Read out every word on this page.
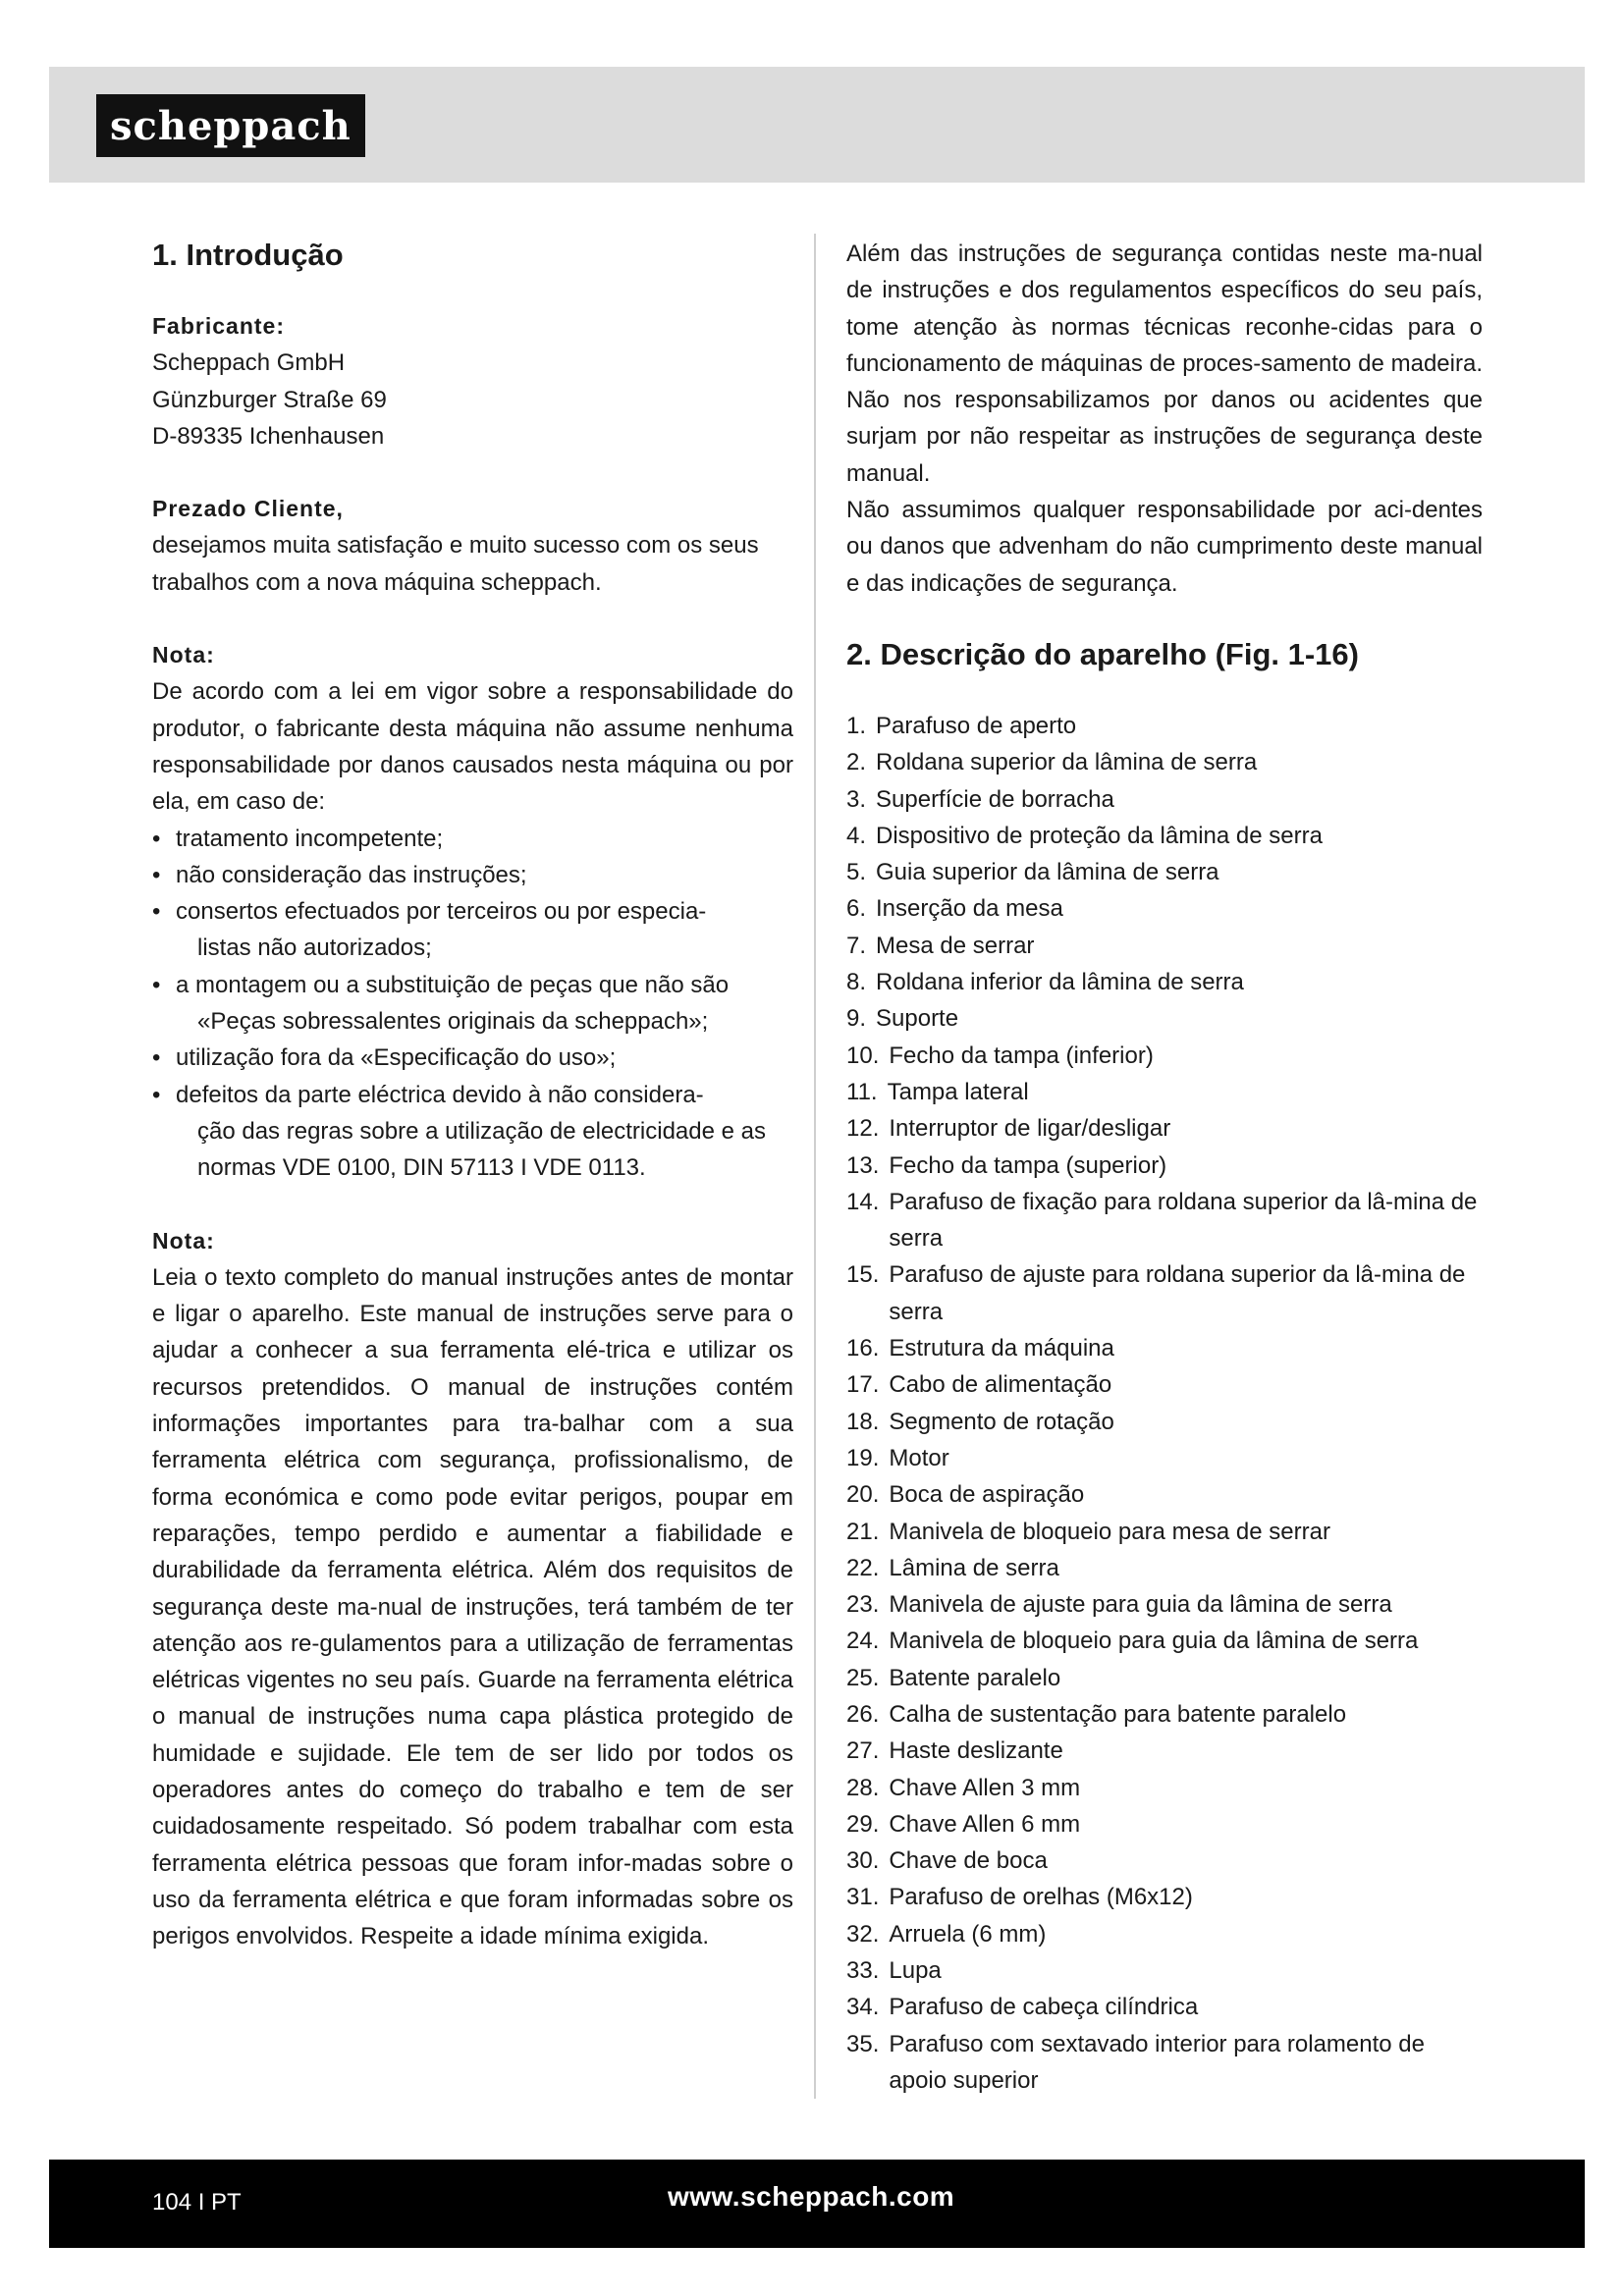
scheppach
1. Introdução

Fabricante:

Scheppach GmbH

Günzburger Straße 69

D-89335 Ichenhausen

Prezado Cliente,

desejamos muita satisfação e muito sucesso com os seus trabalhos com a nova máquina scheppach.

Nota:

De acordo com a lei em vigor sobre a responsabilidade do produtor, o fabricante desta máquina não assume nenhuma responsabilidade por danos causados nesta máquina ou por ela, em caso de:

• tratamento incompetente;
• não consideração das instruções;
• consertos efectuados por terceiros ou por especia-
listas não autorizados;
• a montagem ou a substituição de peças que não são
«Peças sobressalentes originais da scheppach»;
• utilização fora da «Especificação do uso»;
• defeitos da parte eléctrica devido à não considera-
ção das regras sobre a utilização de electricidade e as normas VDE 0100, DIN 57113 I VDE 0113.

Nota:

Leia o texto completo do manual instruções antes de montar e ligar o aparelho. Este manual de instruções serve para o ajudar a conhecer a sua ferramenta elé-trica e utilizar os recursos pretendidos. O manual de instruções contém informações importantes para tra-balhar com a sua ferramenta elétrica com segurança, profissionalismo, de forma económica e como pode evitar perigos, poupar em reparações, tempo perdido e aumentar a fiabilidade e durabilidade da ferramenta elétrica. Além dos requisitos de segurança deste ma-nual de instruções, terá também de ter atenção aos re-gulamentos para a utilização de ferramentas elétricas vigentes no seu país. Guarde na ferramenta elétrica o manual de instruções numa capa plástica protegido de humidade e sujidade. Ele tem de ser lido por todos os operadores antes do começo do trabalho e tem de ser cuidadosamente respeitado. Só podem trabalhar com esta ferramenta elétrica pessoas que foram infor-madas sobre o uso da ferramenta elétrica e que foram informadas sobre os perigos envolvidos. Respeite a idade mínima exigida.

Além das instruções de segurança contidas neste ma-nual de instruções e dos regulamentos específicos do seu país, tome atenção às normas técnicas reconhe-cidas para o funcionamento de máquinas de proces-samento de madeira. Não nos responsabilizamos por danos ou acidentes que surjam por não respeitar as instruções de segurança deste manual.

Não assumimos qualquer responsabilidade por aci-dentes ou danos que advenham do não cumprimento deste manual e das indicações de segurança.

2. Descrição do aparelho (Fig. 1-16)
1. Parafuso de aperto
2. Roldana superior da lâmina de serra
3. Superfície de borracha
4. Dispositivo de proteção da lâmina de serra
5. Guia superior da lâmina de serra
6. Inserção da mesa
7. Mesa de serrar
8. Roldana inferior da lâmina de serra
9. Suporte
10. Fecho da tampa (inferior)
11. Tampa lateral
12. Interruptor de ligar/desligar
13. Fecho da tampa (superior)
14. Parafuso de fixação para roldana superior da lâ-mina de serra
15. Parafuso de ajuste para roldana superior da lâ-mina de serra
16. Estrutura da máquina
17. Cabo de alimentação
18. Segmento de rotação
19. Motor
20. Boca de aspiração
21. Manivela de bloqueio para mesa de serrar
22. Lâmina de serra
23. Manivela de ajuste para guia da lâmina de serra
24. Manivela de bloqueio para guia da lâmina de serra
25. Batente paralelo
26. Calha de sustentação para batente paralelo
27. Haste deslizante
28. Chave Allen 3 mm
29. Chave Allen 6 mm
30. Chave de boca
31. Parafuso de orelhas (M6x12)
32. Arruela (6 mm)
33. Lupa
34. Parafuso de cabeça cilíndrica
35. Parafuso com sextavado interior para rolamento de apoio superior
104 I PT	www.scheppach.com
